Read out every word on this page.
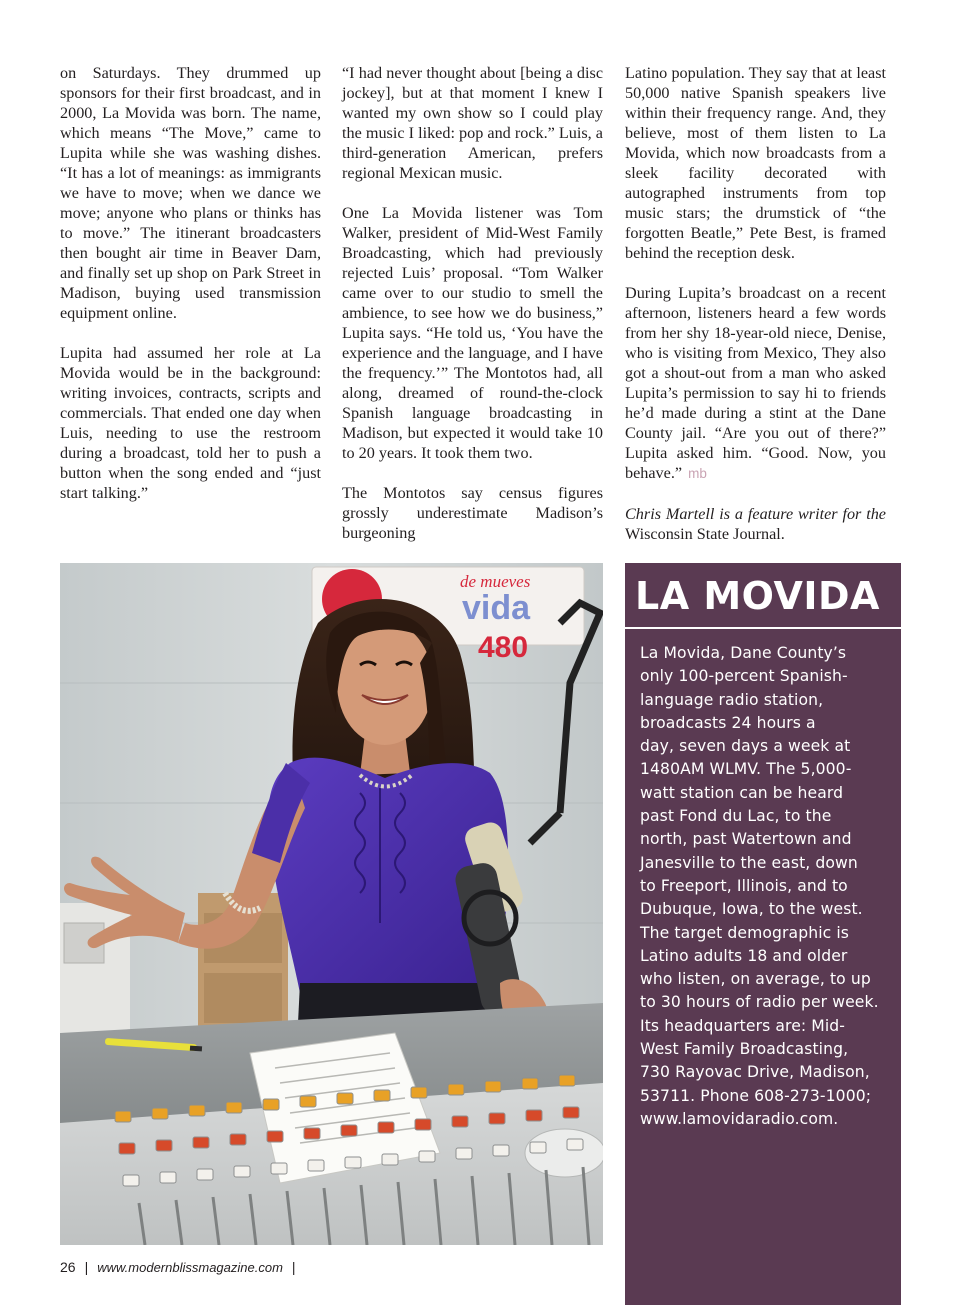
on Saturdays. They drummed up sponsors for their first broadcast, and in 2000, La Movida was born. The name, which means “The Move,” came to Lupita while she was washing dishes. “It has a lot of meanings: as immigrants we have to move; when we dance we move; anyone who plans or thinks has to move.” The itinerant broadcasters then bought air time in Beaver Dam, and finally set up shop on Park Street in Madison, buying used transmission equipment online.

Lupita had assumed her role at La Movida would be in the background: writing invoices, contracts, scripts and commercials. That ended one day when Luis, needing to use the restroom during a broadcast, told her to push a button when the song ended and “just start talking.”

“I had never thought about [being a disc jockey], but at that moment I knew I wanted my own show so I could play the music I liked: pop and rock.” Luis, a third-generation American, prefers regional Mexican music.

One La Movida listener was Tom Walker, president of Mid-West Family Broadcasting, which had previously rejected Luis’ proposal. “Tom Walker came over to our studio to smell the ambience, to see how we do business,” Lupita says. “He told us, ‘You have the experience and the language, and I have the frequency.’” The Montotos had, all along, dreamed of round-the-clock Spanish language broadcasting in Madison, but expected it would take 10 to 20 years. It took them two.

The Montotos say census figures grossly underestimate Madison’s burgeoning

Latino population. They say that at least 50,000 native Spanish speakers live within their frequency range. And, they believe, most of them listen to La Movida, which now broadcasts from a sleek facility decorated with autographed instruments from top music stars; the drumstick of “the forgotten Beatle,” Pete Best, is framed behind the reception desk.

During Lupita’s broadcast on a recent afternoon, listeners heard a few words from her shy 18-year-old niece, Denise, who is visiting from Mexico, They also got a shout-out from a man who asked Lupita’s permission to say hi to friends he’d made during a stint at the Dane County jail. “Are you out of there?” Lupita asked him. “Good. Now, you behave.” mb

Chris Martell is a feature writer for the Wisconsin State Journal.

de mueves
vida
480
LA MOVIDA

La Movida, Dane County’s
only 100-percent Spanish-
language radio station,
broadcasts 24 hours a
day, seven days a week at
1480AM WLMV. The 5,000-
watt station can be heard
past Fond du Lac, to the
north, past Watertown and
Janesville to the east, down
to Freeport, Illinois, and to
Dubuque, Iowa, to the west.
The target demographic is
Latino adults 18 and older
who listen, on average, to up
to 30 hours of radio per week.
Its headquarters are: Mid-
West Family Broadcasting,
730 Rayovac Drive, Madison,
53711. Phone 608-273-1000;
www.lamovidaradio.com.

26 | www.modernblissmagazine.com |
